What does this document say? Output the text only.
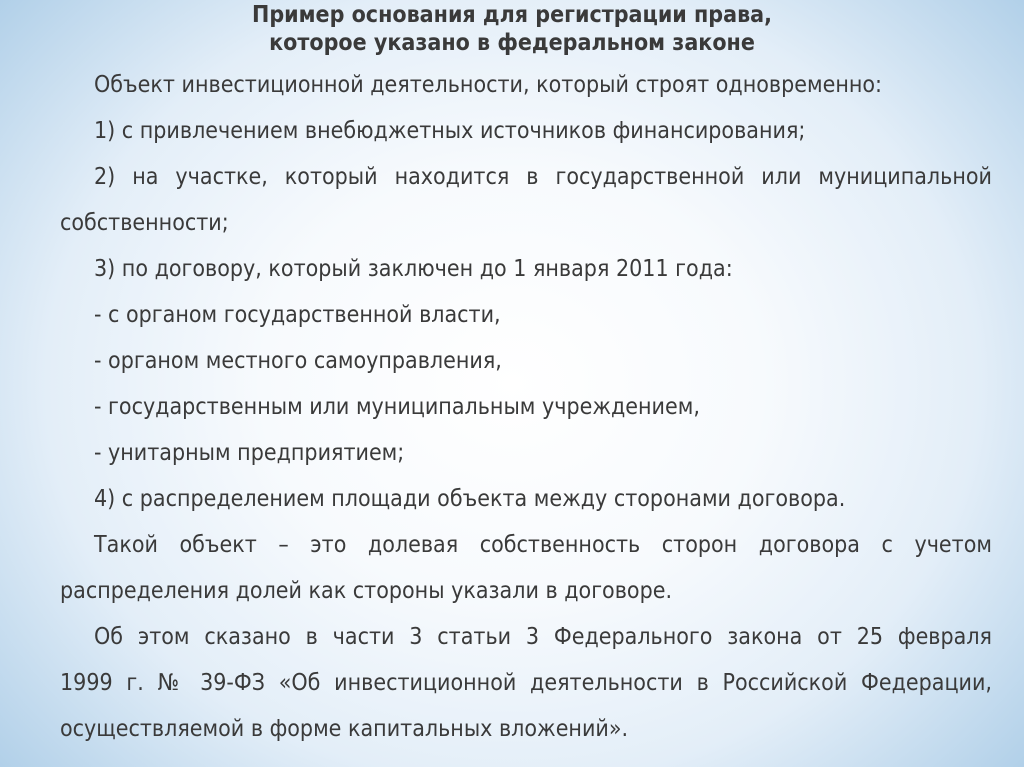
Пример основания для регистрации права,
которое указано в федеральном законе
Объект инвестиционной деятельности, который строят одновременно:
1) с привлечением внебюджетных источников финансирования;
2) на участке, который находится в государственной или муниципальной
собственности;
3) по договору, который заключен до 1 января 2011 года:
- с органом государственной власти,
- органом местного самоуправления,
- государственным или муниципальным учреждением,
- унитарным предприятием;
4) с распределением площади объекта между сторонами договора.
Такой объект – это долевая собственность сторон договора с учетом
распределения долей как стороны указали в договоре.
Об этом сказано в части 3 статьи 3 Федерального закона от 25 февраля
1999 г. № 39-ФЗ «Об инвестиционной деятельности в Российской Федерации,
осуществляемой в форме капитальных вложений».
